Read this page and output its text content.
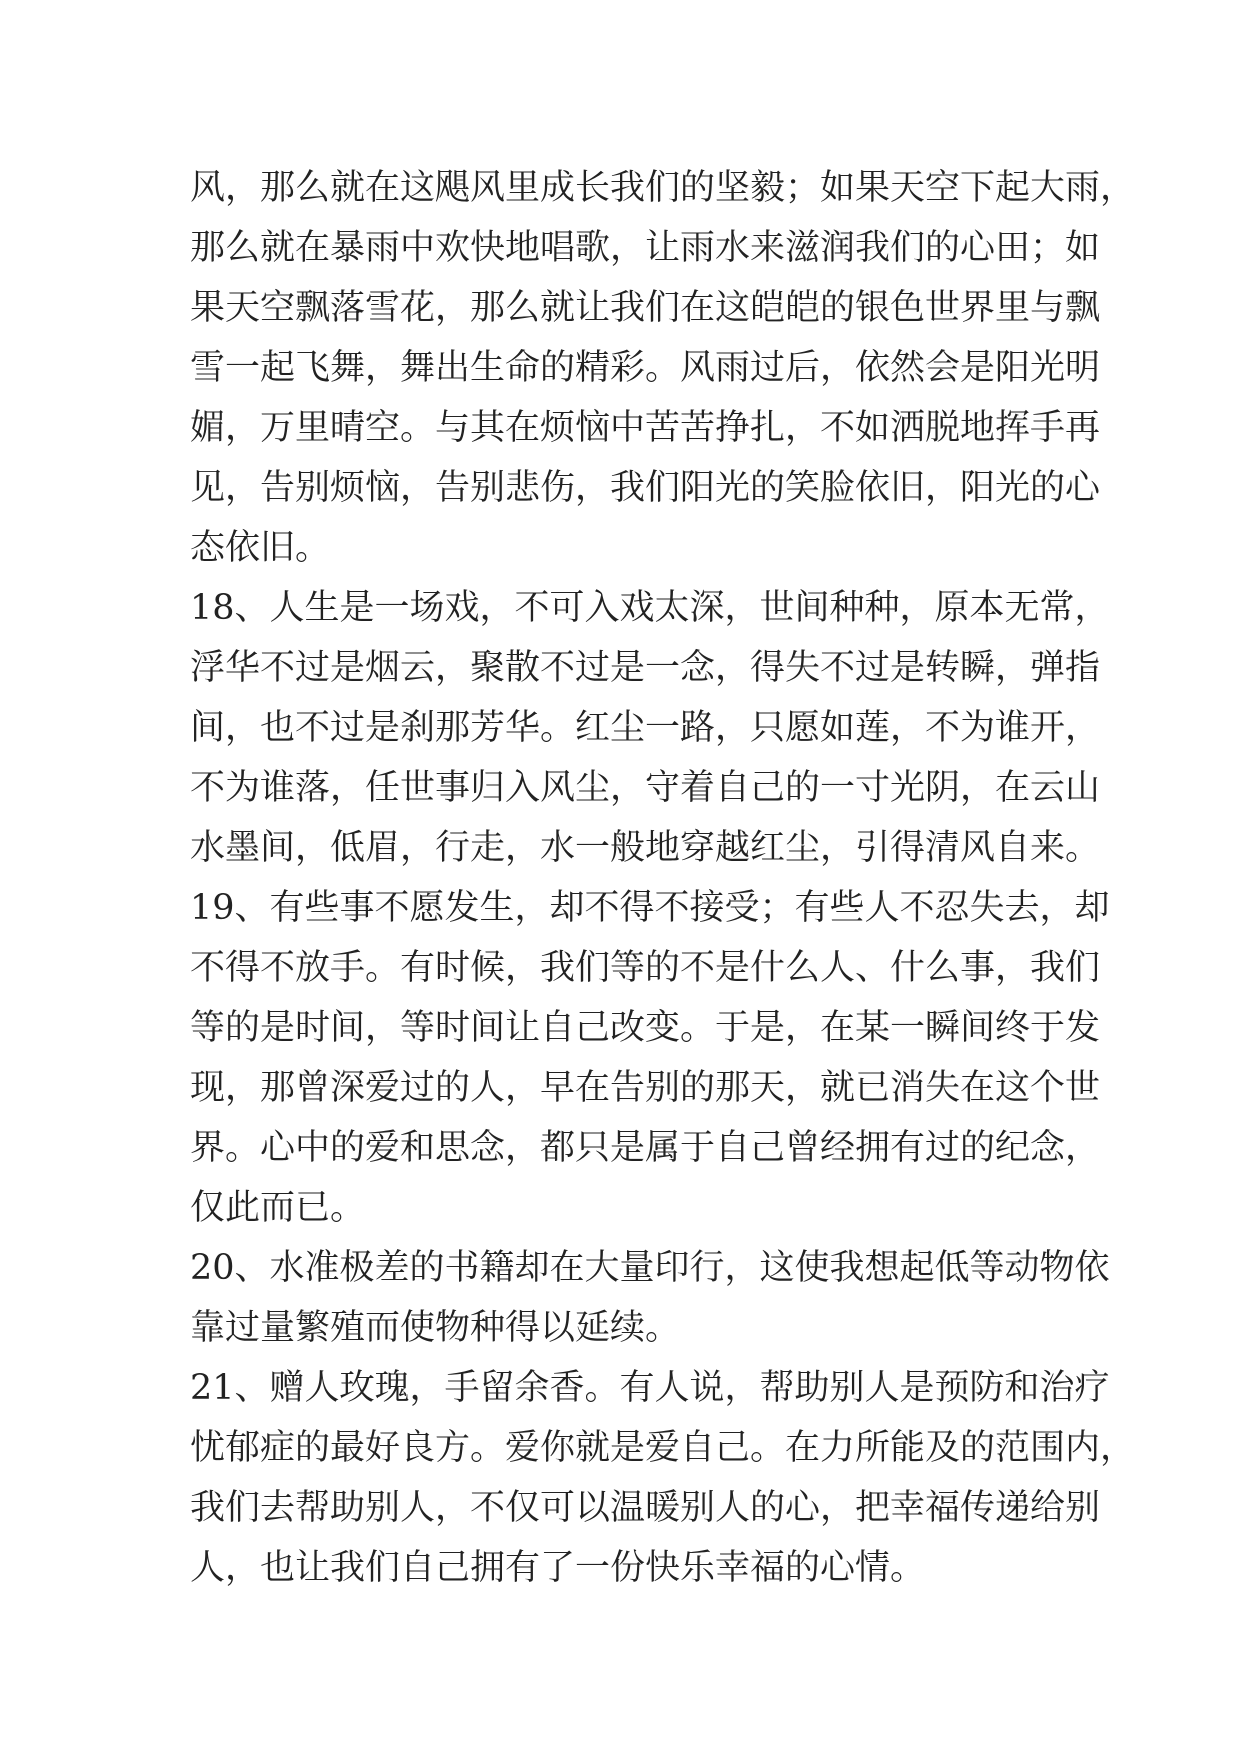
风，那么就在这飓风里成长我们的坚毅；如果天空下起大雨，
那么就在暴雨中欢快地唱歌，让雨水来滋润我们的心田；如
果天空飘落雪花，那么就让我们在这皑皑的银色世界里与飘
雪一起飞舞，舞出生命的精彩。风雨过后，依然会是阳光明
媚，万里晴空。与其在烦恼中苦苦挣扎，不如洒脱地挥手再
见，告别烦恼，告别悲伤，我们阳光的笑脸依旧，阳光的心
态依旧。
18、人生是一场戏，不可入戏太深，世间种种，原本无常，
浮华不过是烟云，聚散不过是一念，得失不过是转瞬，弹指
间，也不过是刹那芳华。红尘一路，只愿如莲，不为谁开，
不为谁落，任世事归入风尘，守着自己的一寸光阴，在云山
水墨间，低眉，行走，水一般地穿越红尘，引得清风自来。
19、有些事不愿发生，却不得不接受；有些人不忍失去，却
不得不放手。有时候，我们等的不是什么人、什么事，我们
等的是时间，等时间让自己改变。于是，在某一瞬间终于发
现，那曾深爱过的人，早在告别的那天，就已消失在这个世
界。心中的爱和思念，都只是属于自己曾经拥有过的纪念，
仅此而已。
20、水准极差的书籍却在大量印行，这使我想起低等动物依
靠过量繁殖而使物种得以延续。
21、赠人玫瑰，手留余香。有人说，帮助别人是预防和治疗
忧郁症的最好良方。爱你就是爱自己。在力所能及的范围内，
我们去帮助别人，不仅可以温暖别人的心，把幸福传递给别
人，也让我们自己拥有了一份快乐幸福的心情。
